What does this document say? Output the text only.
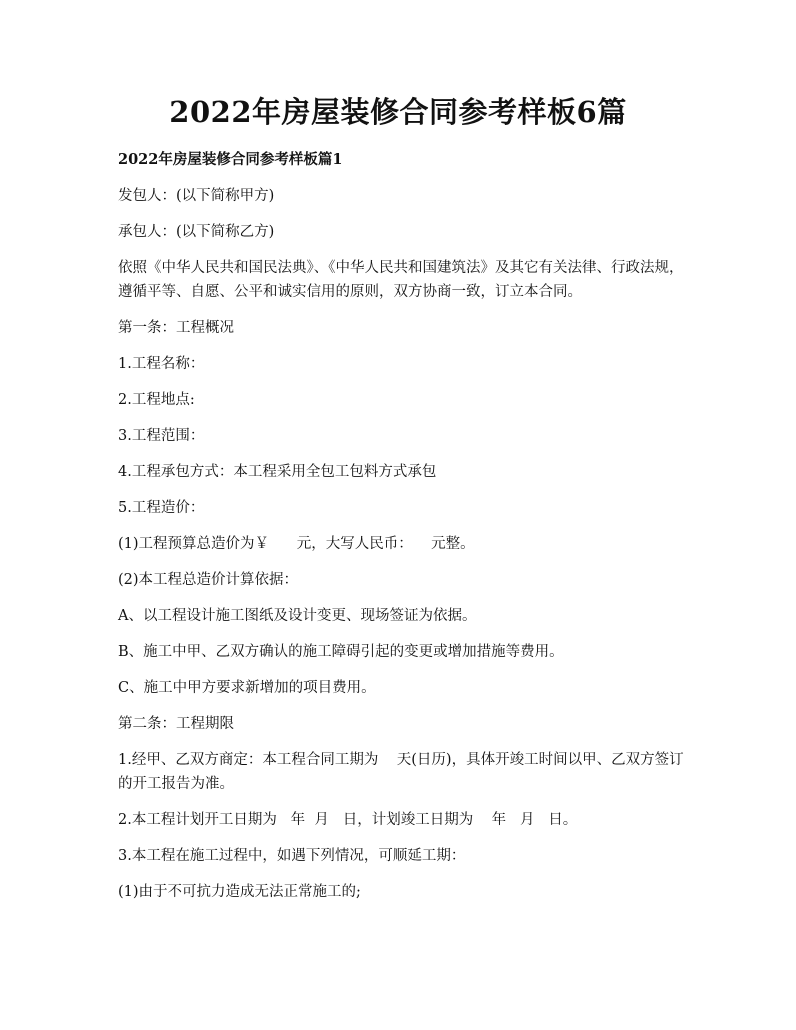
2022年房屋装修合同参考样板6篇
2022年房屋装修合同参考样板篇1

发包人：(以下简称甲方)

承包人：(以下简称乙方)

依照《中华人民共和国民法典》、《中华人民共和国建筑法》及其它有关法律、行政法规，遵循平等、自愿、公平和诚实信用的原则，双方协商一致，订立本合同。

第一条：工程概况

1.工程名称：

2.工程地点:

3.工程范围：

4.工程承包方式：本工程采用全包工包料方式承包

5.工程造价：

(1)工程预算总造价为￥      元，大写人民币：    元整。

(2)本工程总造价计算依据：

A、以工程设计施工图纸及设计变更、现场签证为依据。

B、施工中甲、乙双方确认的施工障碍引起的变更或增加措施等费用。

C、施工中甲方要求新增加的项目费用。

第二条：工程期限

1.经甲、乙双方商定：本工程合同工期为    天(日历)，具体开竣工时间以甲、乙双方签订的开工报告为准。

2.本工程计划开工日期为   年  月   日，计划竣工日期为    年   月   日。

3.本工程在施工过程中，如遇下列情况，可顺延工期：

(1)由于不可抗力造成无法正常施工的;
